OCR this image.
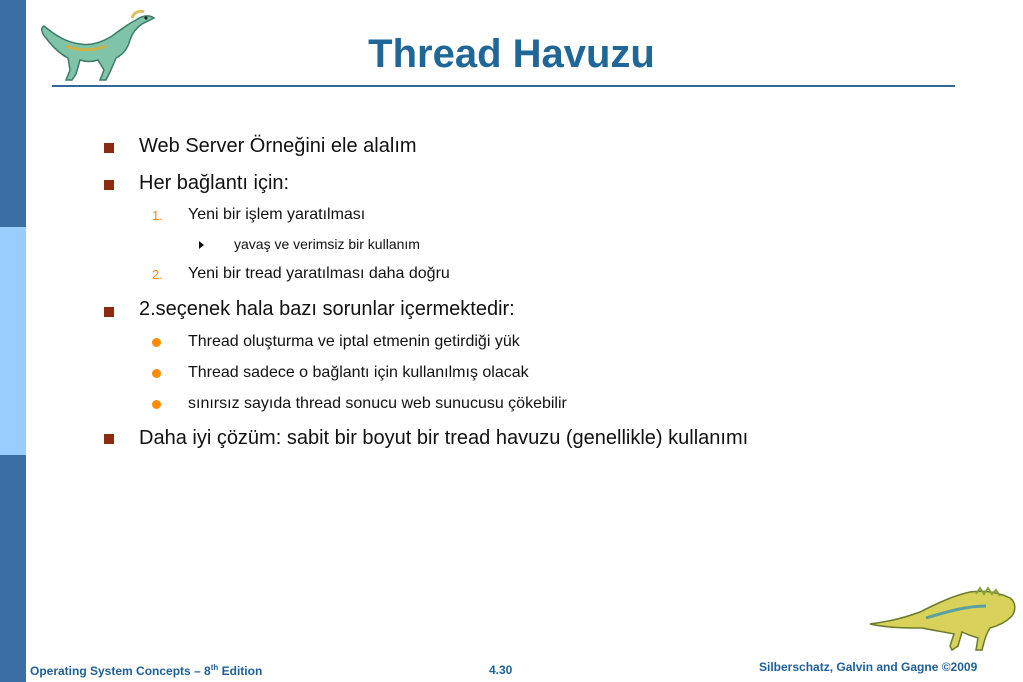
Thread Havuzu
Web Server Örneğini ele alalım
Her bağlantı için:
1. Yeni bir işlem yaratılması
yavaş ve verimsiz bir kullanım
2. Yeni bir tread yaratılması daha doğru
2.seçenek hala bazı sorunlar içermektedir:
Thread oluşturma ve iptal etmenin getirdiği yük
Thread sadece o bağlantı için kullanılmış olacak
sınırsız sayıda thread sonucu web sunucusu çökebilir
Daha iyi çözüm: sabit bir boyut bir tread havuzu (genellikle) kullanımı
Operating System Concepts – 8th Edition	4.30	Silberschatz, Galvin and Gagne ©2009
